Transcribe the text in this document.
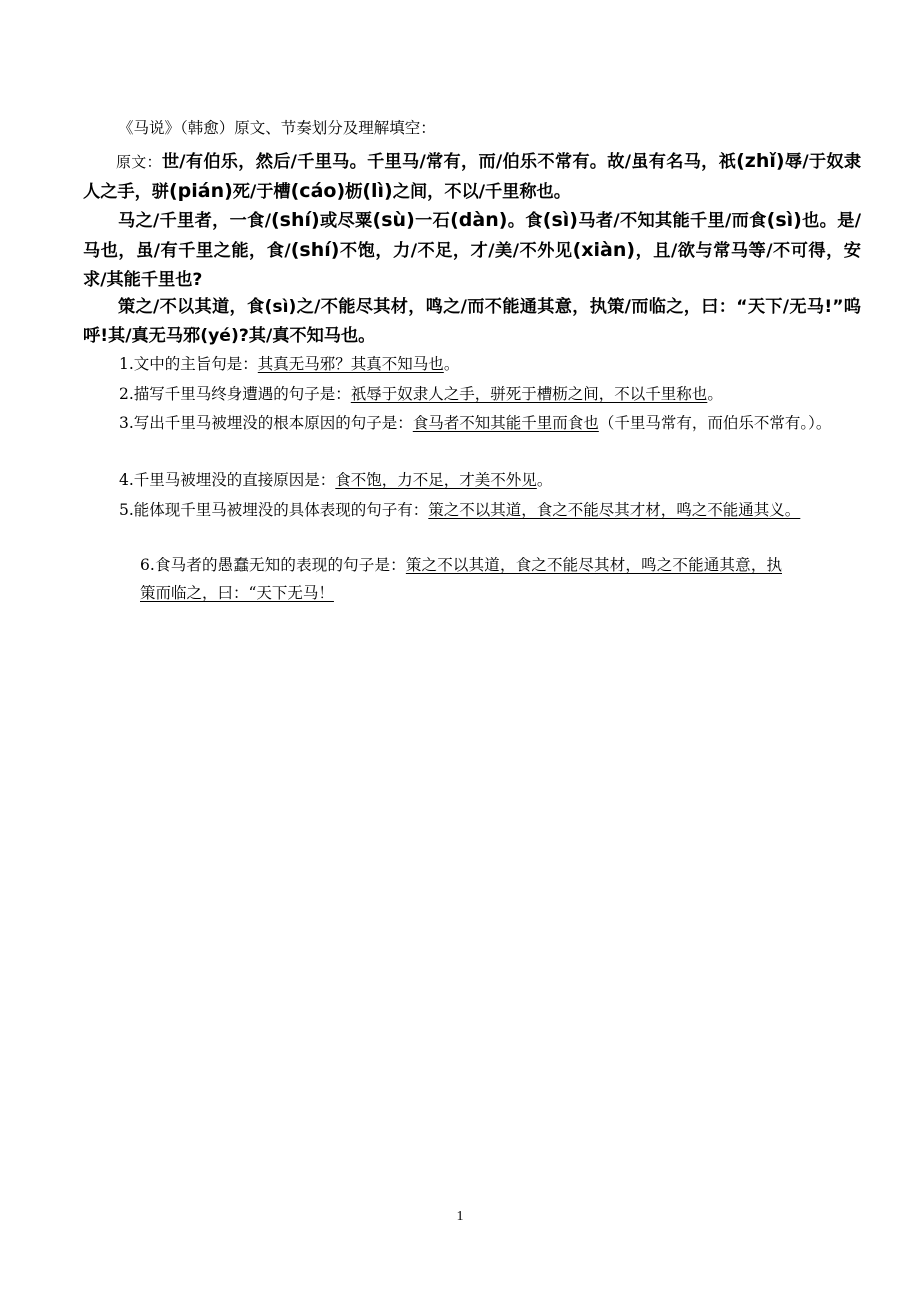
《马说》（韩愈）原文、节奏划分及理解填空：

原文：世/有伯乐，然后/千里马。千里马/常有，而/伯乐不常有。故/虽有名马，祇(zhǐ)辱/于奴隶人之手，骈(pián)死/于槽(cáo)枥(lì)之间，不以/千里称也。

马之/千里者，一食/(shí)或尽粟(sù)一石(dàn)。食(sì)马者/不知其能千里/而食(sì)也。是/马也，虽/有千里之能，食/(shí)不饱，力/不足，才/美/不外见(xiàn)，且/欲与常马等/不可得，安求/其能千里也?

策之/不以其道，食(sì)之/不能尽其材，鸣之/而不能通其意，执策/而临之，曰：“天下/无马!”呜呼!其/真无马邪(yé)?其/真不知马也。

1.文中的主旨句是：其真无马邪？其真不知马也。

2.描写千里马终身遭遇的句子是：祇辱于奴隶人之手，骈死于槽枥之间，不以千里称也。

3.写出千里马被埋没的根本原因的句子是：食马者不知其能千里而食也（千里马常有，而伯乐不常有。）。

4.千里马被埋没的直接原因是：食不饱，力不足，才美不外见。

5.能体现千里马被埋没的具体表现的句子有：策之不以其道，食之不能尽其才材，鸣之不能通其义。

6.食马者的愚蠢无知的表现的句子是：策之不以其道，食之不能尽其材，鸣之不能通其意，执策而临之，曰：“天下无马！

1
